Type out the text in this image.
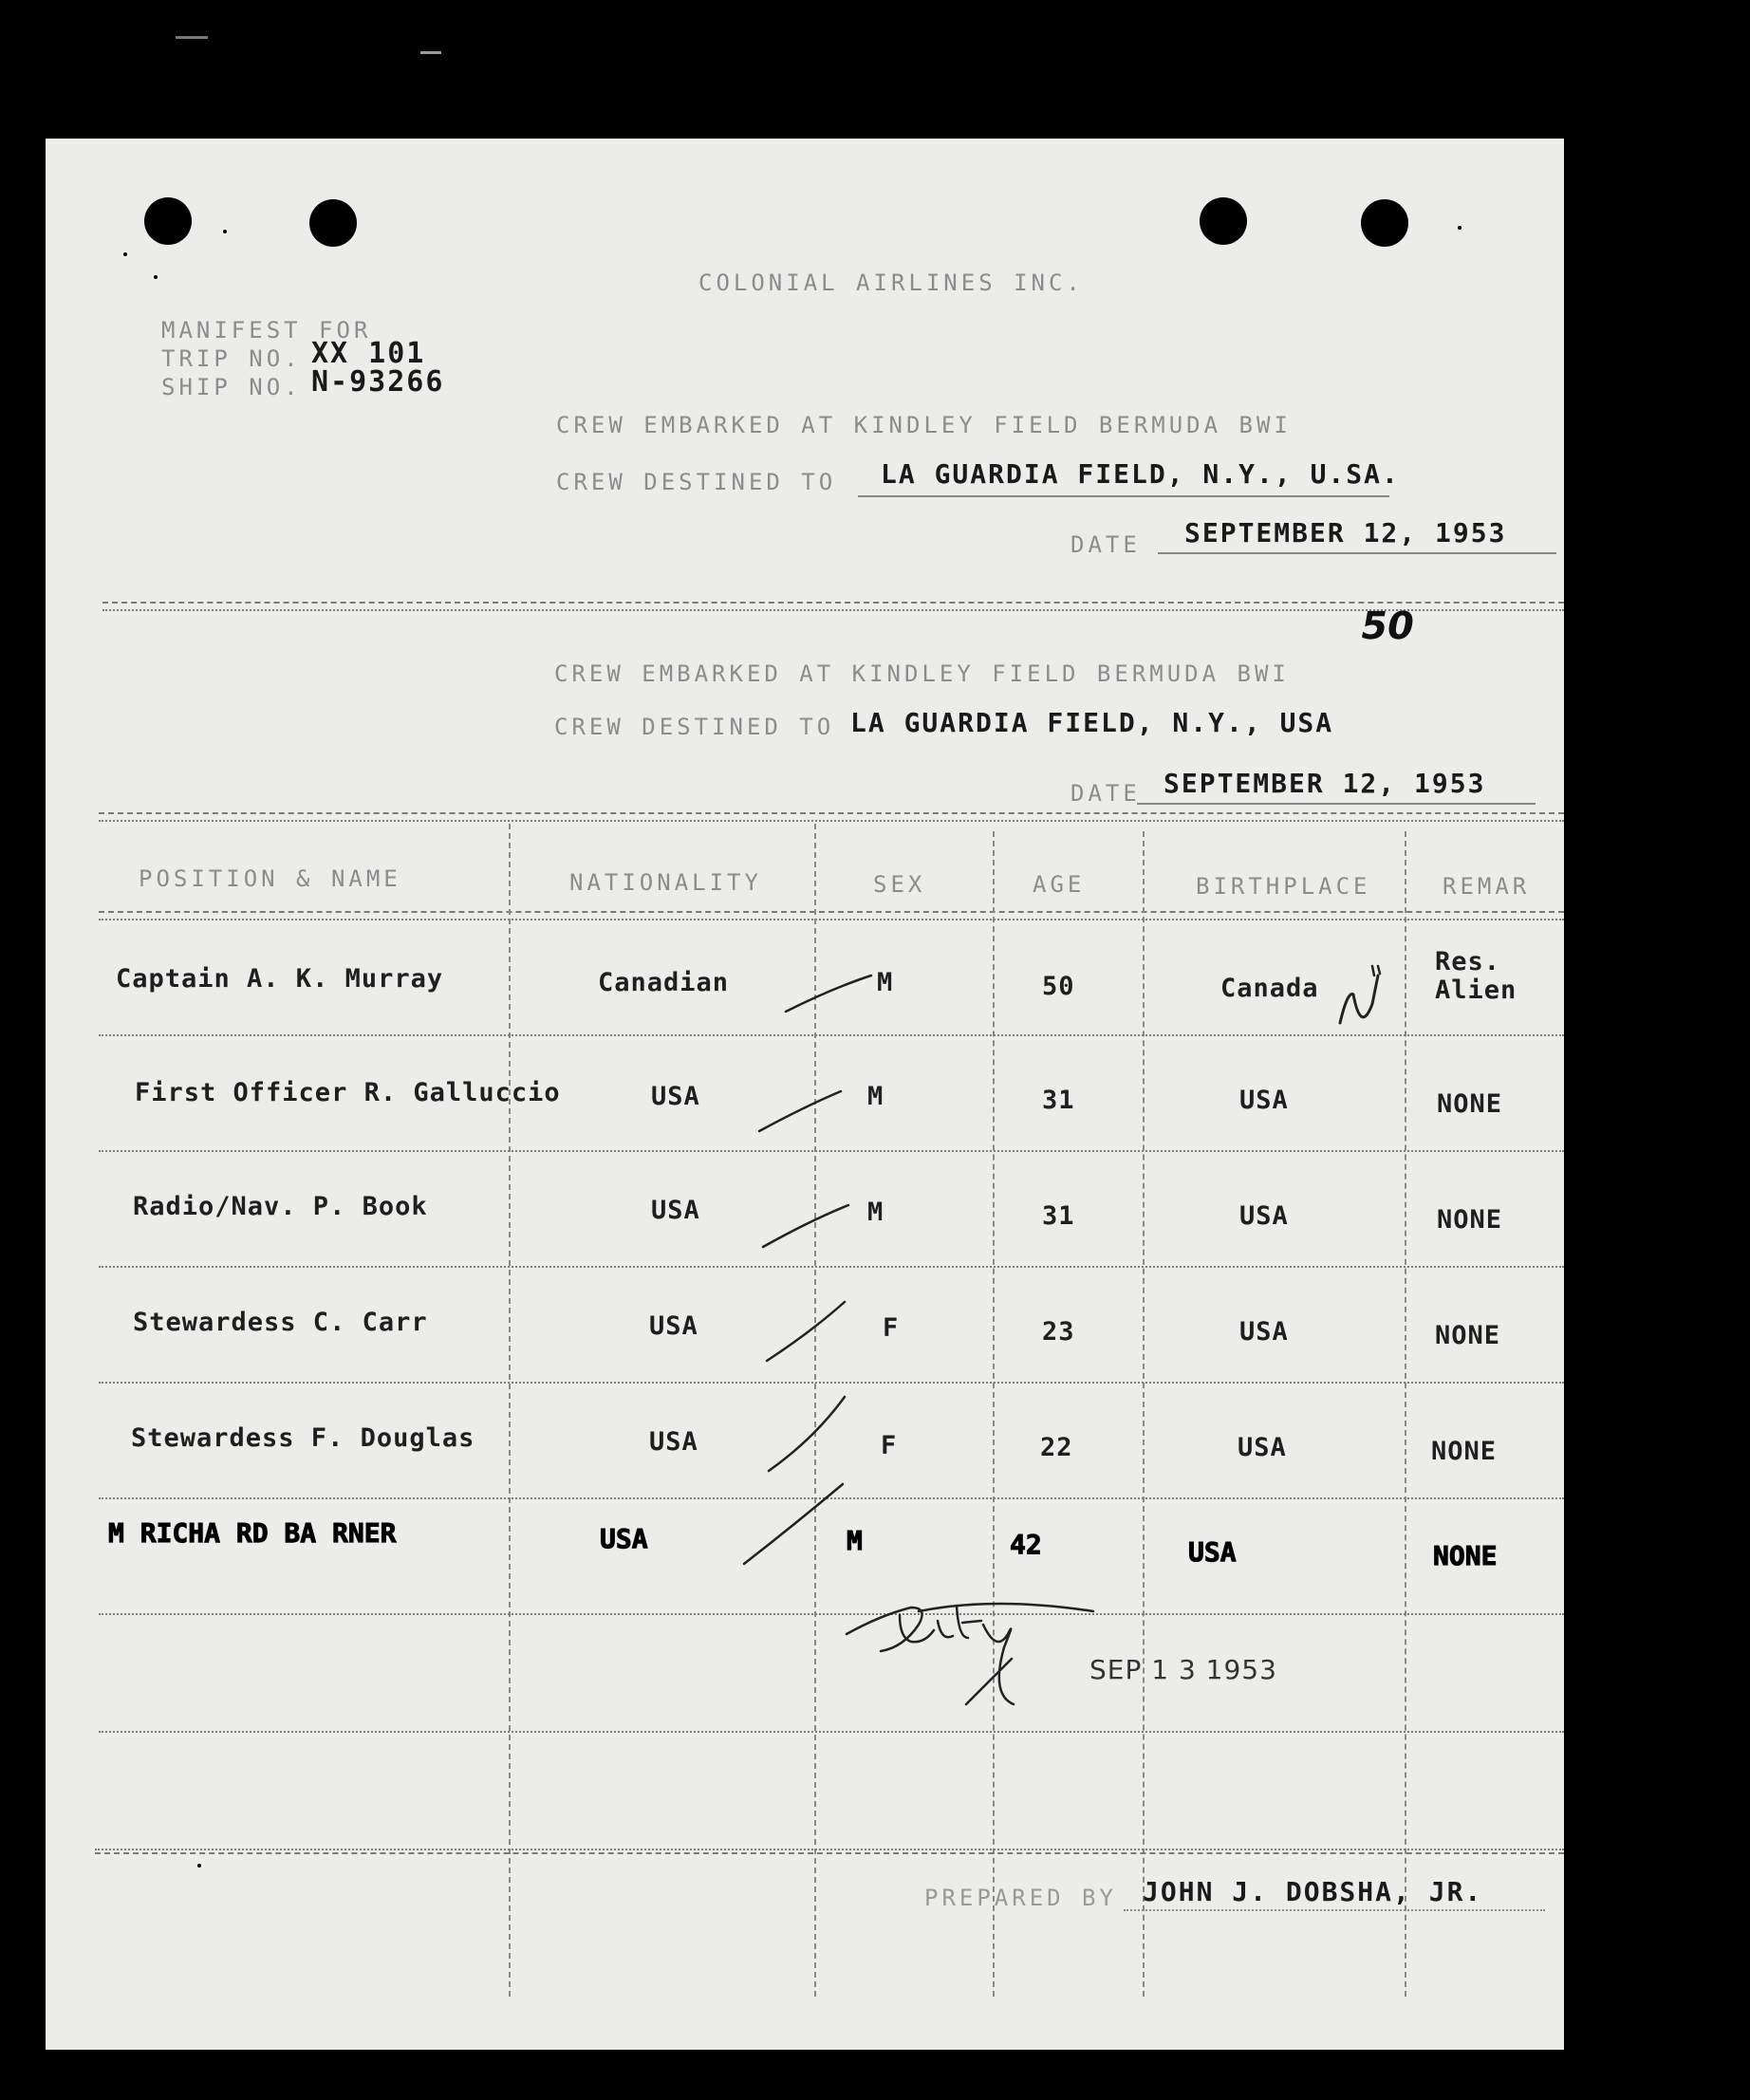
COLONIAL AIRLINES INC.
MANIFEST FOR
TRIP NO. XX 101
SHIP NO. N-93266
CREW EMBARKED AT KINDLEY FIELD BERMUDA BWI
CREW DESTINED TO LA GUARDIA FIELD, N.Y., U.SA.
DATE SEPTEMBER 12, 1953
50
CREW EMBARKED AT KINDLEY FIELD BERMUDA BWI
CREW DESTINED TO LA GUARDIA FIELD, N.Y., USA
DATE SEPTEMBER 12, 1953
POSITION & NAME	NATIONALITY	SEX	AGE	BIRTHPLACE	REMAR
Captain A. K. Murray	Canadian	M	50	Canada
Res.
Alien
First Officer R. Galluccio	USA	M	31	USA	NONE
Radio/Nav. P. Book	USA	M	31	USA	NONE
Stewardess C. Carr	USA	F	23	USA	NONE
Stewardess F. Douglas	USA	F	22	USA	NONE
M RICHA RD BA RNER	USA	M	42	USA	NONE
SEP 1 3 1953
PREPARED BY JOHN J. DOBSHA, JR.
